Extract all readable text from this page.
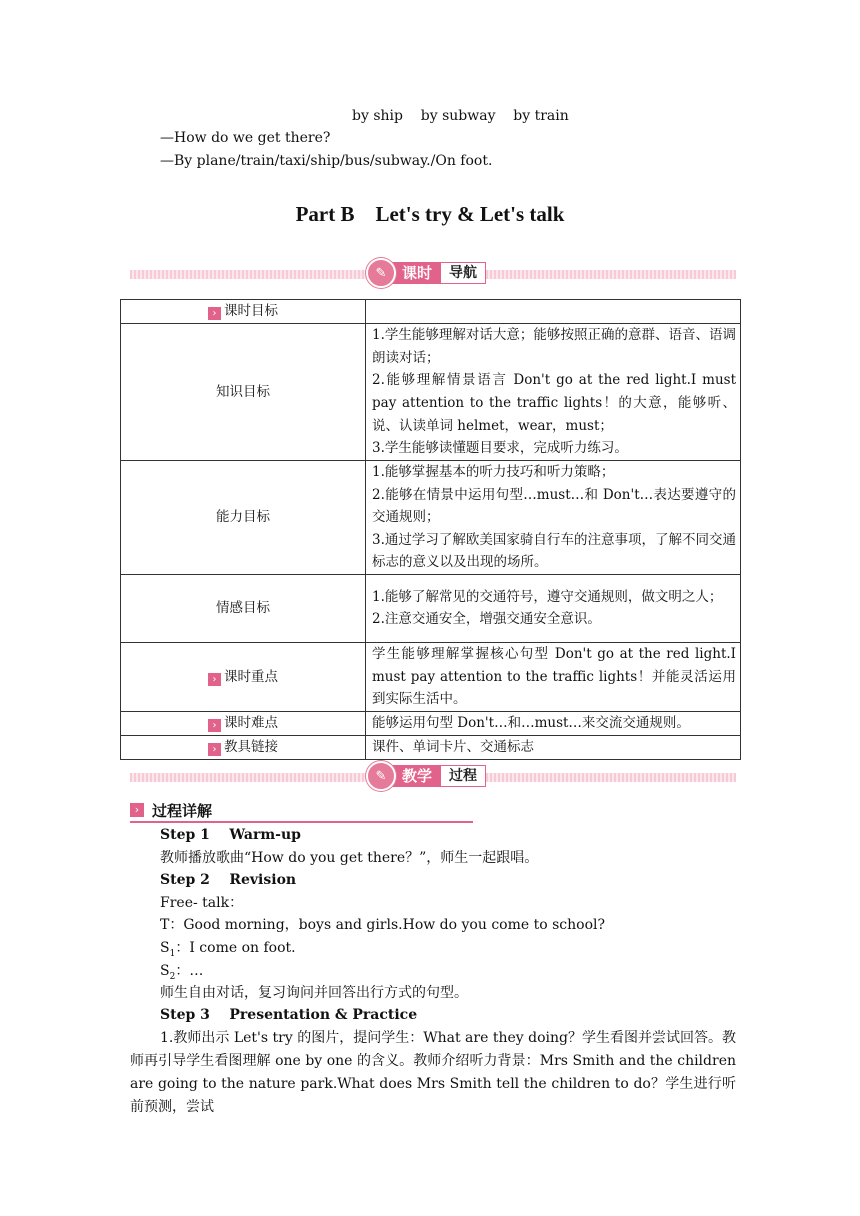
by ship    by subway    by train
—How do we get there?
—By plane/train/taxi/ship/bus/subway./On foot.
Part B    Let's try & Let's talk
✎	课时	导航
› 课时目标	
知识目标	1.学生能够理解对话大意；能够按照正确的意群、语音、语调朗读对话；
2.能够理解情景语言 Don't go at the red light.I must pay attention to the traffic lights！的大意，能够听、说、认读单词 helmet，wear，must；
3.学生能够读懂题目要求，完成听力练习。
能力目标	1.能够掌握基本的听力技巧和听力策略；
2.能够在情景中运用句型…must…和 Don't…表达要遵守的交通规则；
3.通过学习了解欧美国家骑自行车的注意事项，了解不同交通标志的意义以及出现的场所。
情感目标	1.能够了解常见的交通符号，遵守交通规则，做文明之人；
2.注意交通安全，增强交通安全意识。
› 课时重点	学生能够理解掌握核心句型 Don't go at the red light.I must pay attention to the traffic lights！并能灵活运用到实际生活中。
› 课时难点	能够运用句型 Don't…和…must…来交流交通规则。
› 教具链接	课件、单词卡片、交通标志
✎	教学	过程
› 过程详解
Step 1    Warm-up
教师播放歌曲“How do you get there？”，师生一起跟唱。
Step 2    Revision
Free- talk：
T：Good morning，boys and girls.How do you come to school?
$S_1$：I come on foot.
$S_2$：…
师生自由对话，复习询问并回答出行方式的句型。
Step 3    Presentation & Practice
1.教师出示 Let's try 的图片，提问学生：What are they doing？学生看图并尝试回答。教师再引导学生看图理解 one by one 的含义。教师介绍听力背景：Mrs Smith and the children are going to the nature park.What does Mrs Smith tell the children to do？学生进行听前预测，尝试
